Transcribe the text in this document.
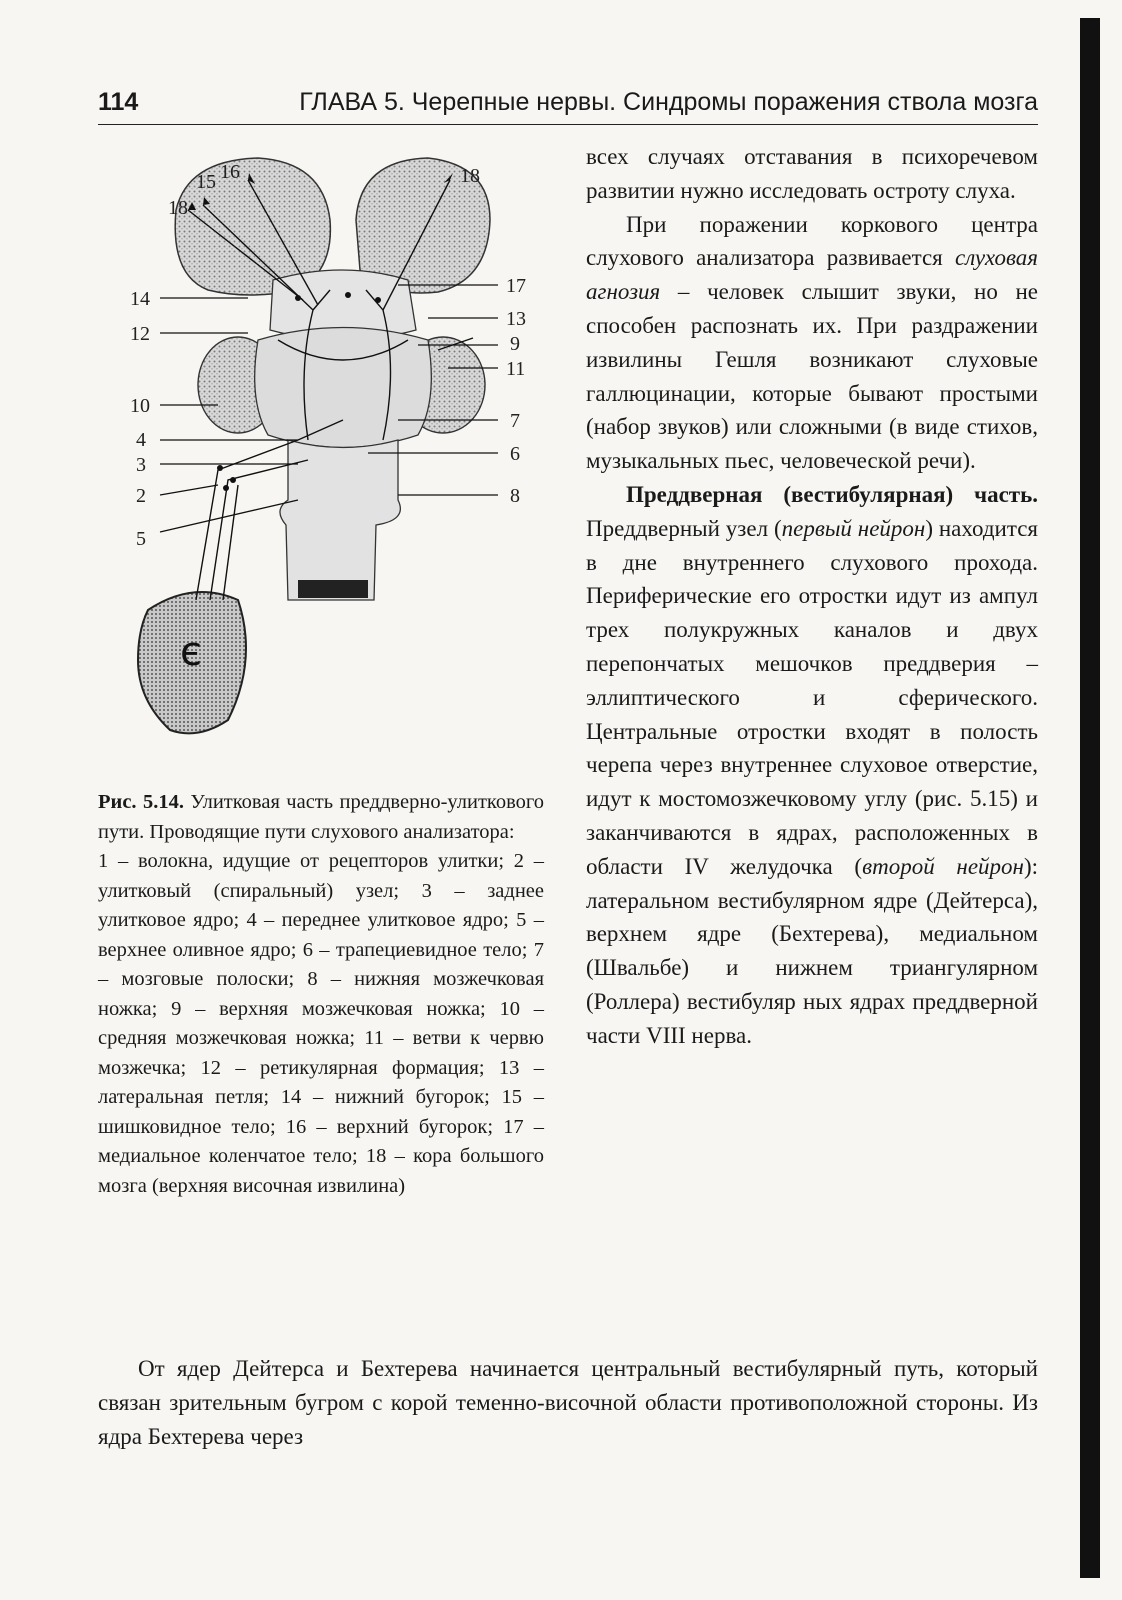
114	ГЛАВА 5. Черепные нервы. Синдромы поражения ствола мозга
є
15 16
18
18
14
12
10
4
3
2
5
17
13
9
11
7
6
8
Рис. 5.14. Улитковая часть преддверно-улиткового пути. Проводящие пути слухового анализатора:
1 – волокна, идущие от рецепторов улитки; 2 – улитковый (спиральный) узел; 3 – заднее улитковое ядро; 4 – переднее улитковое ядро; 5 – верхнее оливное ядро; 6 – трапециевидное тело; 7 – мозговые полоски; 8 – нижняя мозжечковая ножка; 9 – верхняя мозжечковая ножка; 10 – средняя мозжечковая ножка; 11 – ветви к червю мозжечка; 12 – ретикулярная формация; 13 – латеральная петля; 14 – нижний бугорок; 15 – шишковидное тело; 16 – верхний бугорок; 17 – медиальное коленчатое тело; 18 – кора большого мозга (верхняя височная извилина)

всех случаях отставания в психоречевом развитии нужно исследовать остроту слуха.

При поражении коркового центра слухового анализатора развивается слуховая агнозия – человек слышит звуки, но не способен распознать их. При раздражении извилины Гешля возникают слуховые галлюцинации, которые бывают простыми (набор звуков) или сложными (в виде стихов, музыкальных пьес, человеческой речи).

Преддверная (вестибулярная) часть. Преддверный узел (первый нейрон) находится в дне внутреннего слухового прохода. Периферические его отростки идут из ампул трех полукружных каналов и двух перепончатых мешочков преддверия – эллиптического и сферического. Центральные отростки входят в полость черепа через внутреннее слуховое отверстие, идут к мостомозжечковому углу (рис. 5.15) и заканчиваются в ядрах, расположенных в области IV желудочка (второй нейрон): латеральном вестибулярном ядре (Дейтерса), верхнем ядре (Бехтерева), медиальном (Швальбе) и нижнем триангулярном (Роллера) вестибуляр ных ядрах преддверной части VIII нерва.

От ядер Дейтерса и Бехтерева начинается центральный вестибулярный путь, который связан зрительным бугром с корой теменно-височной области противоположной стороны. Из ядра Бехтерева через
